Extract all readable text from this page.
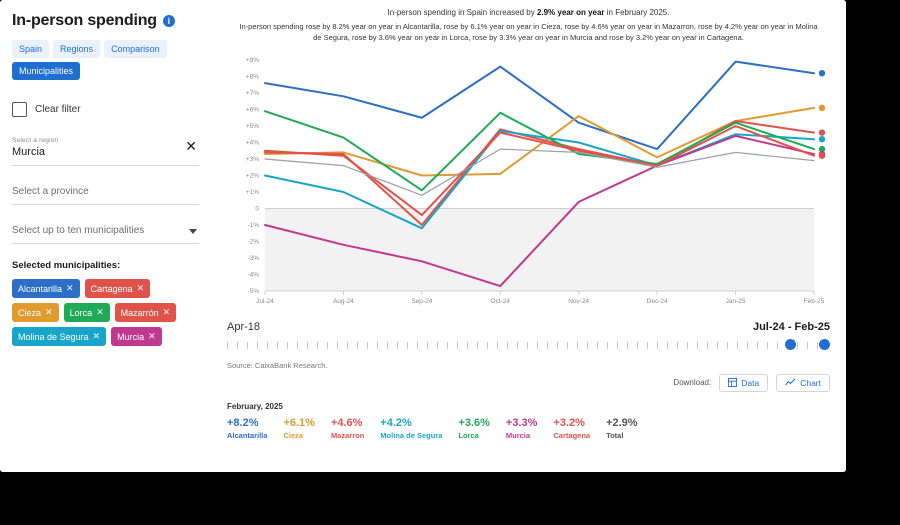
In-person spending	i
Spain	Regions	Comparison
Municipalities
Clear filter
Select a region
Murcia	✕
Select a province
Select up to ten municipalities
Selected municipalities:
Alcantarilla ✕ Cartagena ✕
Cieza ✕ Lorca ✕ Mazarrón ✕
Molina de Segura ✕ Murcia ✕
In-person spending in Spain increased by 2.9% year on year in February 2025.
In-person spending rose by 8.2% year on year in Alcantarilla, rose by 6.1% year on year in Cieza, rose by 4.6% year on year in Mazarron, rose by 4.2% year on year in Molina de Segura, rose by 3.6% year on year in Lorca, rose by 3.3% year on year in Murcia and rose by 3.2% year on year in Cartagena.
+9%
+8%
+7%
+6%
+5%
+4%
+3%
+2%
+1%
0
-1%
-2%
-3%
-4%
-5%
Jul-24	Aug-24	Sep-24	Oct-24	Nov-24	Dec-24	Jan-25	Feb-25
Apr-18	Jul-24 - Feb-25
Source: CaixaBank Research.
Download:	Data	Chart
February, 2025
+8.2%
Alcantarilla
+6.1%
Cieza
+4.6%
Mazarron
+4.2%
Molina de Segura
+3.6%
Lorca
+3.3%
Murcia
+3.2%
Cartagena
+2.9%
Total
